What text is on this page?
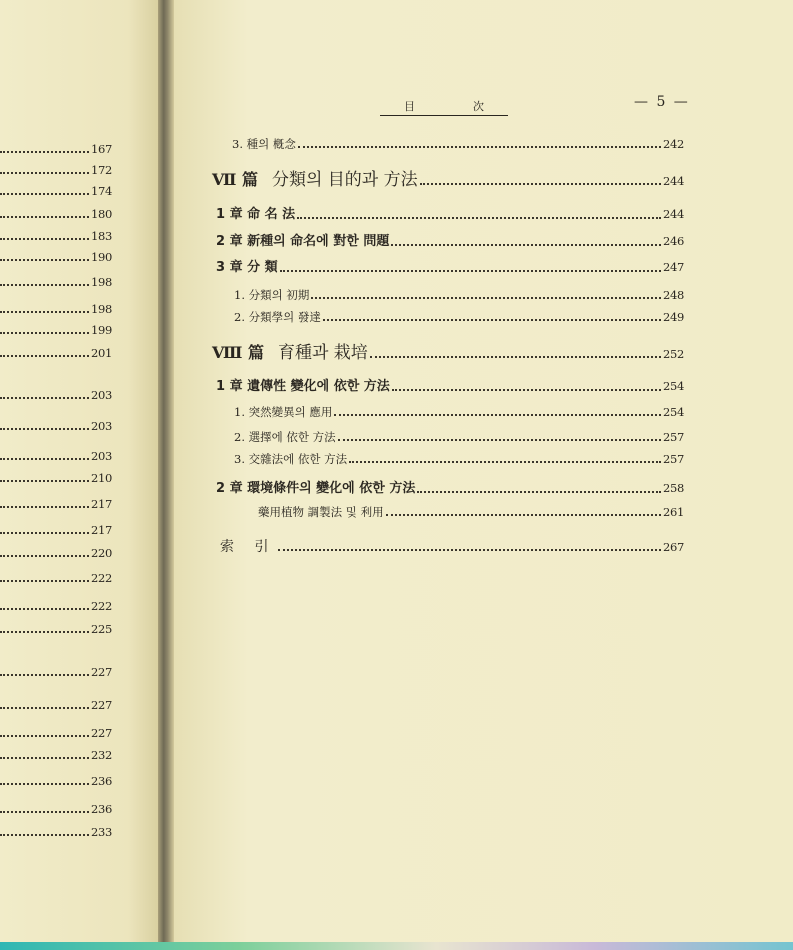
目	次	— 5 —
167
172
174
180
183
190
198
198
199
201
203
203
203
210
217
217
220
222
222
225
227
227
227
232
236
236
233
3. 種의 槪念	242
Ⅶ 篇 分類의 目的과 方法	244
1 章 命 名 法	244
2 章 新種의 命名에 對한 問題	246
3 章 分 類	247
1. 分類의 初期	248
2. 分類學의 發達	249
Ⅷ 篇 育種과 栽培	252
1 章 遺傳性 變化에 依한 方法	254
1. 突然變異의 應用	254
2. 選擇에 依한 方法	257
3. 交雜法에 依한 方法	257
2 章 環境條件의 變化에 依한 方法	258
藥用植物 調製法 및 利用	261
索 引	267
